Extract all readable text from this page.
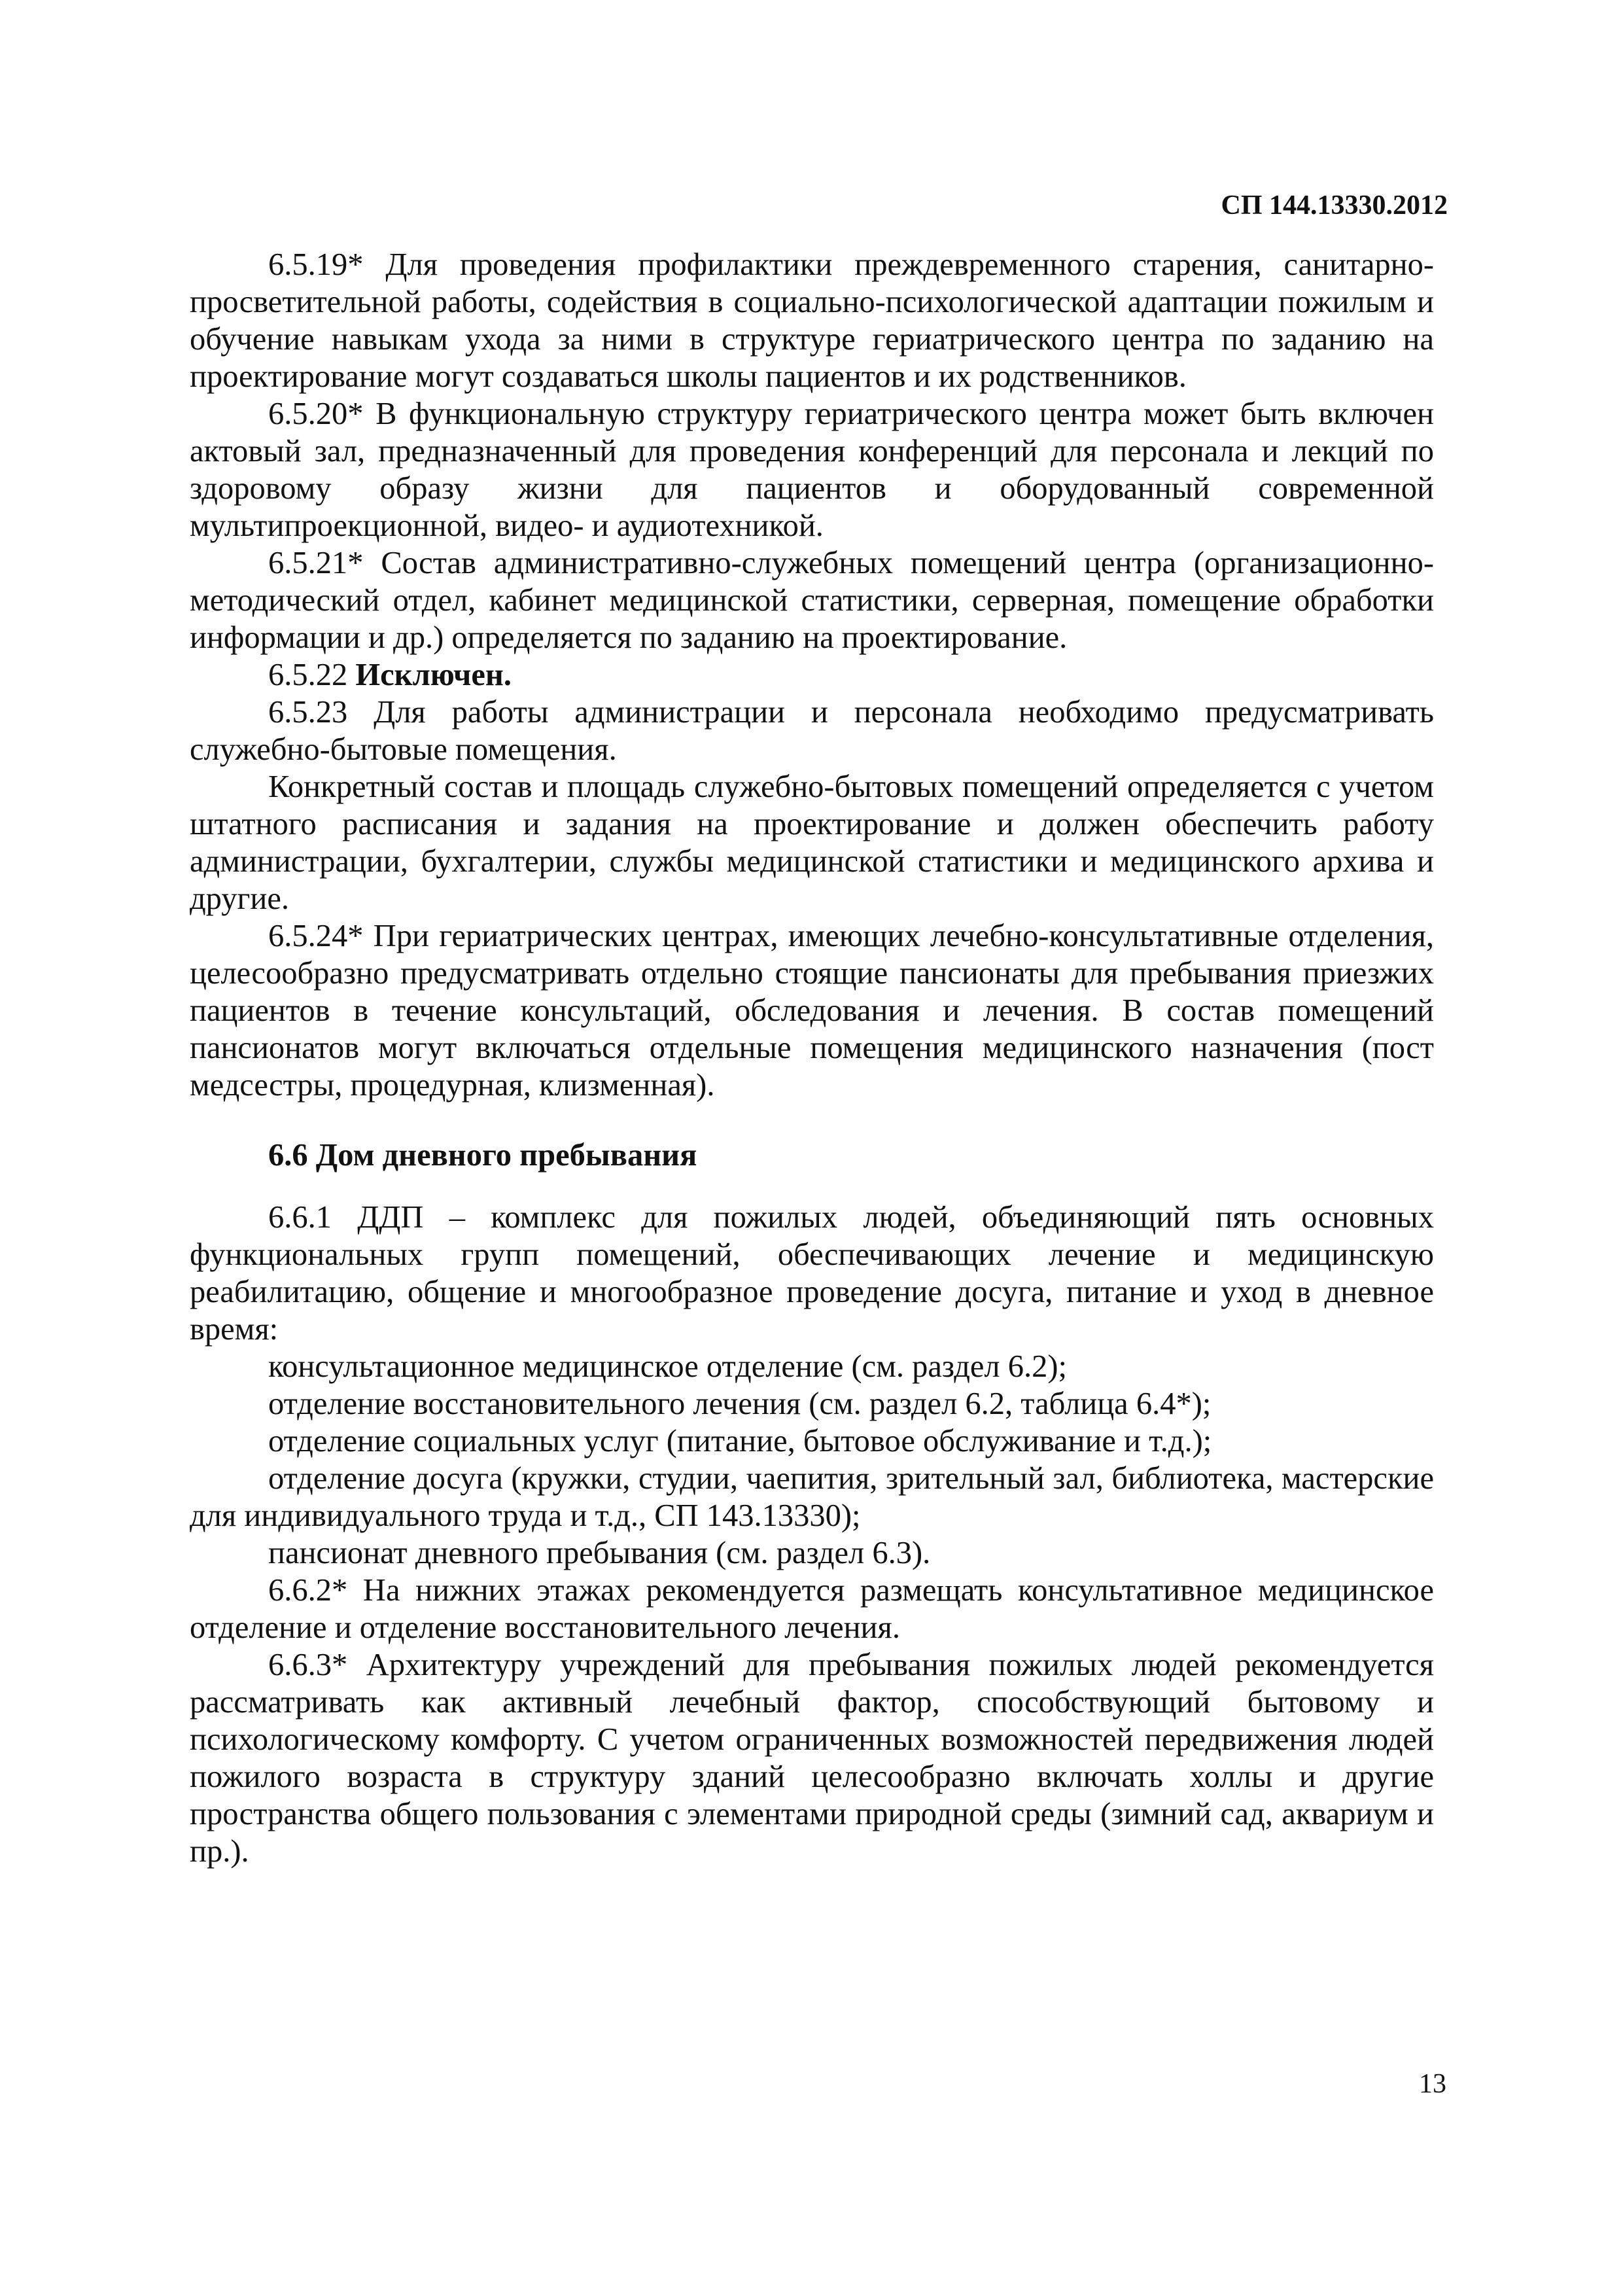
СП 144.13330.2012

6.5.19* Для проведения профилактики преждевременного старения, санитарно-просветительной работы, содействия в социально-психологической адаптации пожилым и обучение навыкам ухода за ними в структуре гериатрического центра по заданию на проектирование могут создаваться школы пациентов и их родственников.

6.5.20* В функциональную структуру гериатрического центра может быть включен актовый зал, предназначенный для проведения конференций для персонала и лекций по здоровому образу жизни для пациентов и оборудованный современной мультипроекционной, видео- и аудиотехникой.

6.5.21* Состав административно-служебных помещений центра (организационно-методический отдел, кабинет медицинской статистики, серверная, помещение обработки информации и др.) определяется по заданию на проектирование.

6.5.22 Исключен.

6.5.23 Для работы администрации и персонала необходимо предусматривать служебно-бытовые помещения.

Конкретный состав и площадь служебно-бытовых помещений определяется с учетом штатного расписания и задания на проектирование и должен обеспечить работу администрации, бухгалтерии, службы медицинской статистики и медицинского архива и другие.

6.5.24* При гериатрических центрах, имеющих лечебно-консультативные отделения, целесообразно предусматривать отдельно стоящие пансионаты для пребывания приезжих пациентов в течение консультаций, обследования и лечения. В состав помещений пансионатов могут включаться отдельные помещения медицинского назначения (пост медсестры, процедурная, клизменная).

6.6 Дом дневного пребывания

6.6.1 ДДП – комплекс для пожилых людей, объединяющий пять основных функциональных групп помещений, обеспечивающих лечение и медицинскую реабилитацию, общение и многообразное проведение досуга, питание и уход в дневное время:

консультационное медицинское отделение (см. раздел 6.2);

отделение восстановительного лечения (см. раздел 6.2, таблица 6.4*);

отделение социальных услуг (питание, бытовое обслуживание и т.д.);

отделение досуга (кружки, студии, чаепития, зрительный зал, библиотека, мастерские для индивидуального труда и т.д., СП 143.13330);

пансионат дневного пребывания (см. раздел 6.3).

6.6.2* На нижних этажах рекомендуется размещать консультативное медицинское отделение и отделение восстановительного лечения.

6.6.3* Архитектуру учреждений для пребывания пожилых людей рекомендуется рассматривать как активный лечебный фактор, способствующий бытовому и психологическому комфорту. С учетом ограниченных возможностей передвижения людей пожилого возраста в структуру зданий целесообразно включать холлы и другие пространства общего пользования с элементами природной среды (зимний сад, аквариум и пр.).

13
